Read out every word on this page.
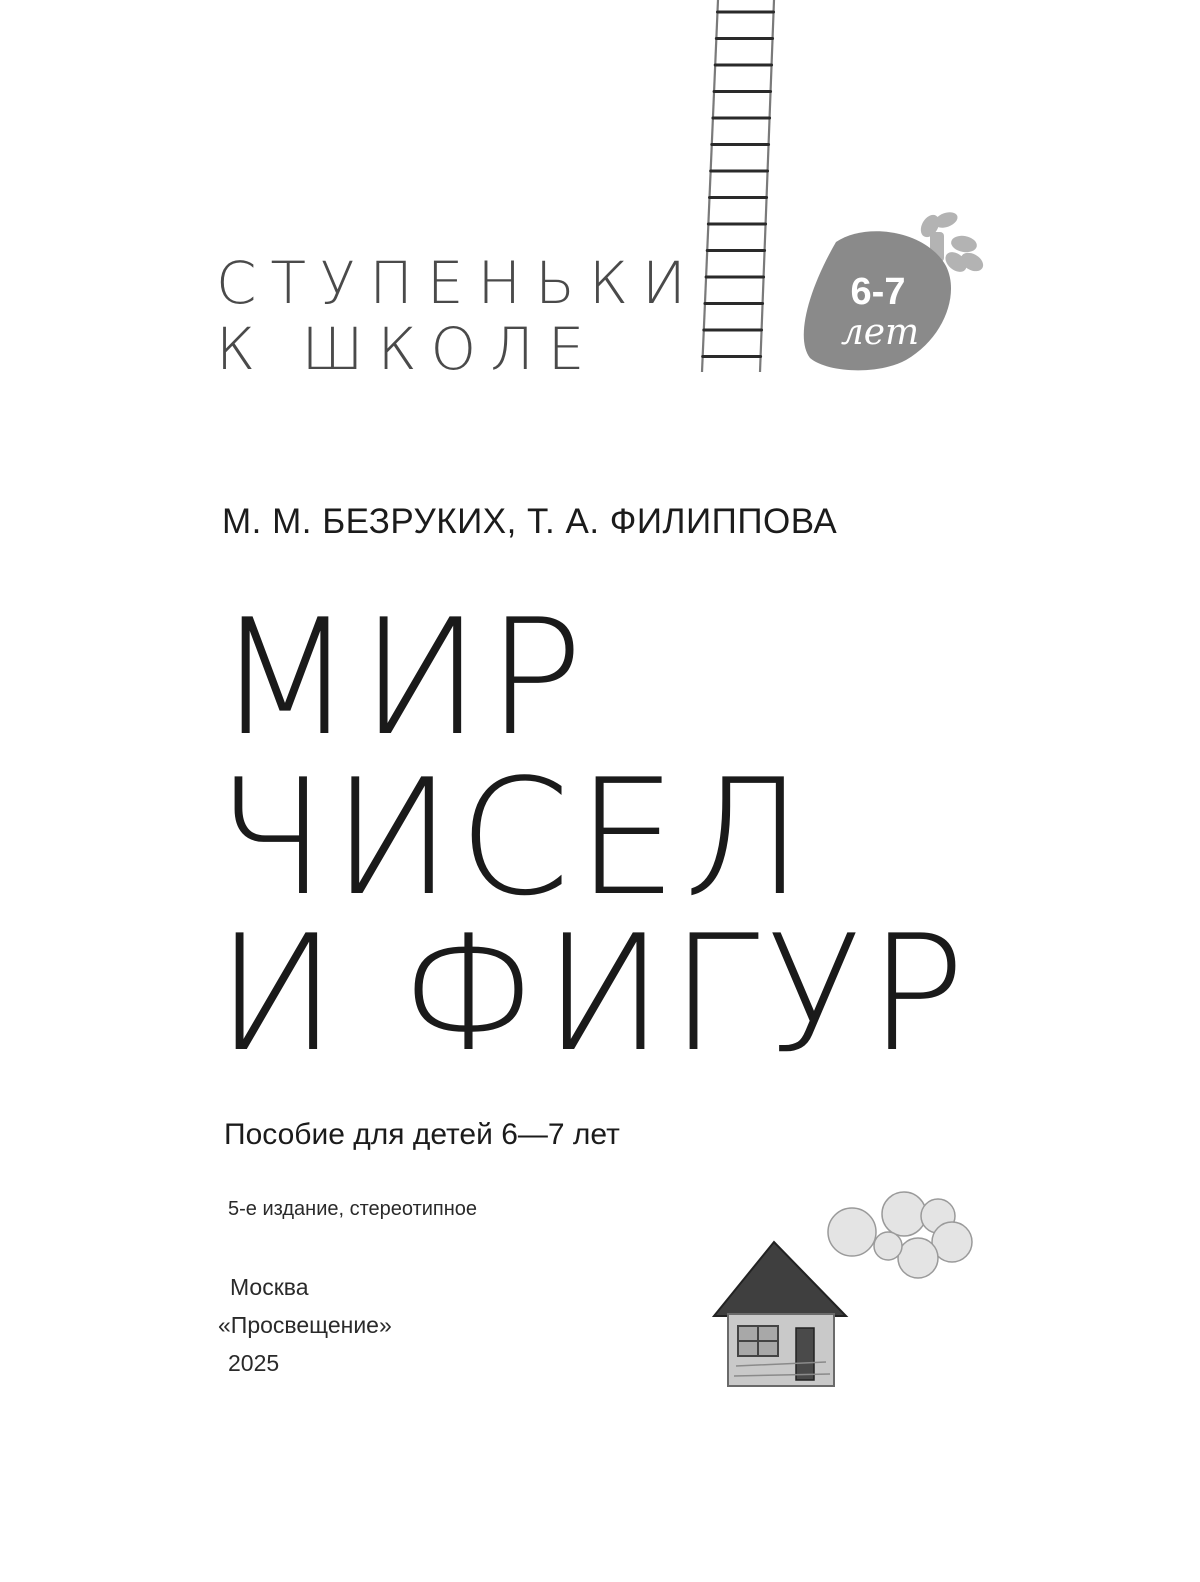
СТУПЕНЬКИ
К ШКОЛЕ
6-7
лет
М. М. БЕЗРУКИХ, Т. А. ФИЛИППОВА
МИР
ЧИСЕЛ
И ФИГУР
Пособие для детей 6—7 лет
5-е издание, стереотипное
Москва
«Просвещение»
2025
